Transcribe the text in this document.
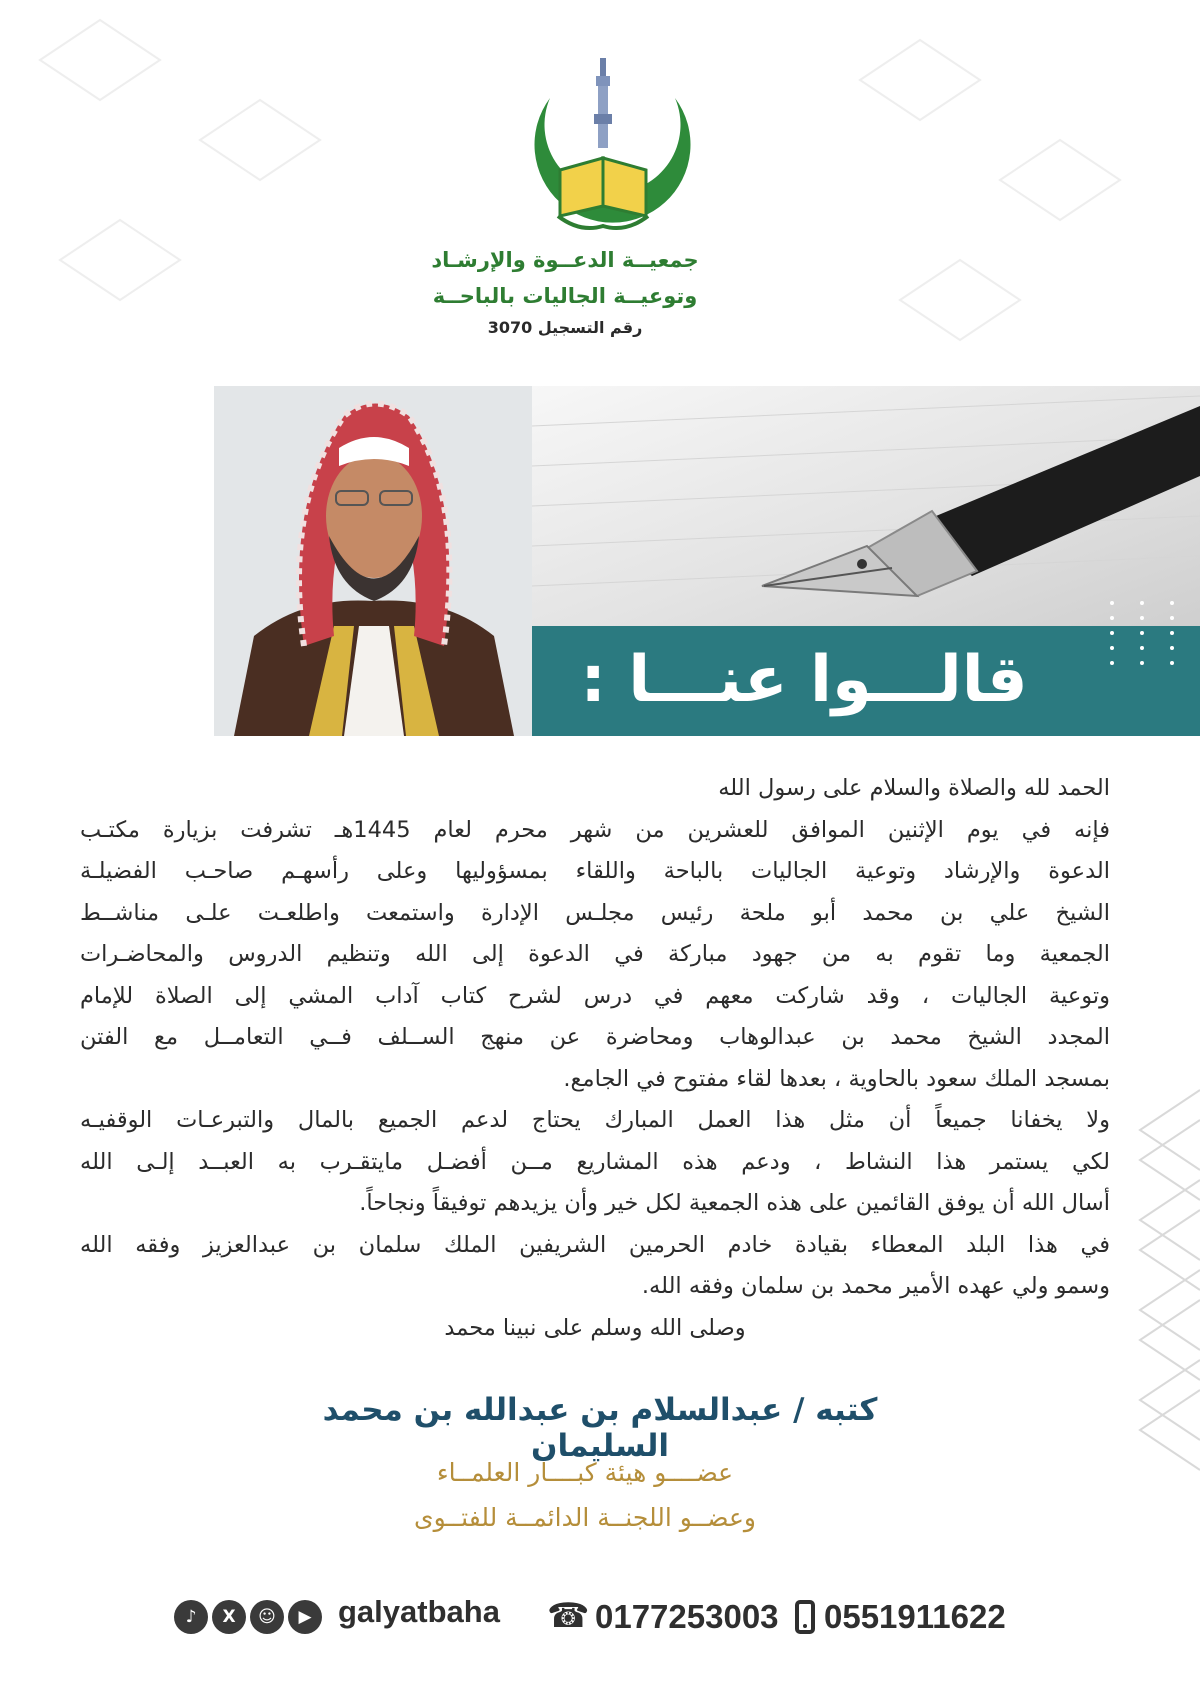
جمعيــة الدعــوة والإرشـاد
وتوعيــة الجاليات بالباحــة
رقم التسجيل 3070
قالـــوا عنـــا :
الحمد لله والصلاة والسلام على رسول الله
فإنه في يوم الإثنين الموافق للعشرين من شهر محرم لعام 1445هـ تشرفت بزيارة مكتـب
الدعوة والإرشاد وتوعية الجاليات بالباحة واللقاء بمسؤوليها وعلى رأسهـم صاحـب الفضيلـة
الشيخ علي بن محمد أبو ملحة رئيس مجلـس الإدارة واستمعت واطلعـت علـى مناشــط
الجمعية وما تقوم به من جهود مباركة في الدعوة إلى الله وتنظيم الدروس والمحاضـرات
وتوعية الجاليات ، وقد شاركت معهم في درس لشرح كتاب آداب المشي إلى الصلاة للإمام
المجدد الشيخ محمد بن عبدالوهاب ومحاضرة عن منهج الســلف فــي التعامــل مع الفتن
بمسجد الملك سعود بالحاوية ، بعدها لقاء مفتوح في الجامع.
ولا يخفانا جميعاً أن مثل هذا العمل المبارك يحتاج لدعم الجميع بالمال والتبرعـات الوقفيـه
لكي يستمر هذا النشاط ، ودعم هذه المشاريع مــن أفضـل مايتقـرب به العبــد إلـى الله
أسال الله أن يوفق القائمين على هذه الجمعية لكل خير وأن يزيدهم توفيقاً ونجاحاً.
في هذا البلد المعطاء بقيادة خادم الحرمين الشريفين الملك سلمان بن عبدالعزيز وفقه الله
وسمو ولي عهده الأمير محمد بن سلمان وفقه الله.
وصلى الله وسلم على نبينا محمد
كتبه / عبدالسلام بن عبدالله بن محمد السليمان
عضــــو هيئة كبــــار العلمــاء
وعضــو اللجنــة الدائمــة للفتــوى
♪	X	☺	▶ galyatbaha ☎ 0177253003 0551911622
